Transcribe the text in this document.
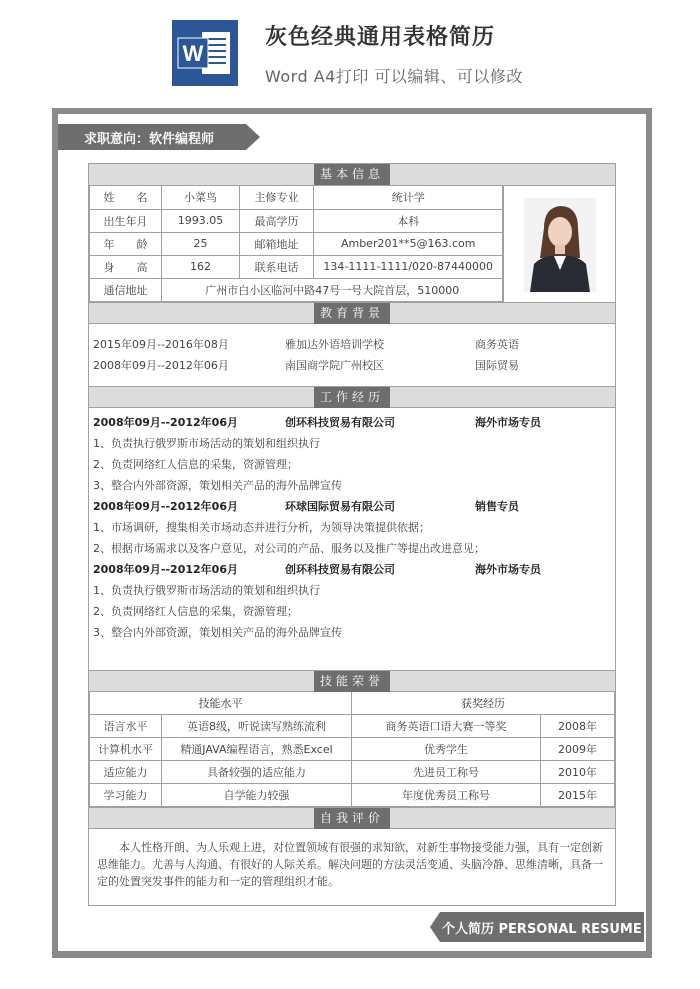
W
灰色经典通用表格简历
Word A4打印 可以编辑、可以修改
求职意向：软件编程师
基本信息
姓　　名	小菜鸟	主修专业	统计学
出生年月	1993.05	最高学历	本科
年　　龄	25	邮箱地址	Amber201**5@163.com
身　　高	162	联系电话	134-1111-1111/020-87440000
通信地址	广州市白小区临河中路47号一号大院首层，510000		
教育背景
2015年09月--2016年08月	雅加达外语培训学校	商务英语
2008年09月--2012年06月	南国商学院广州校区	国际贸易
工作经历
2008年09月--2012年06月	创环科技贸易有限公司	海外市场专员
1、负责执行俄罗斯市场活动的策划和组织执行
2、负责网络红人信息的采集，资源管理；
3、整合内外部资源，策划相关产品的海外品牌宣传
2008年09月--2012年06月	环球国际贸易有限公司	销售专员
1、市场调研，搜集相关市场动态并进行分析，为领导决策提供依据；
2、根据市场需求以及客户意见，对公司的产品、服务以及推广等提出改进意见；
2008年09月--2012年06月	创环科技贸易有限公司	海外市场专员
1、负责执行俄罗斯市场活动的策划和组织执行
2、负责网络红人信息的采集，资源管理；
3、整合内外部资源，策划相关产品的海外品牌宣传
技能荣誉
技能水平		获奖经历	
语言水平	英语8级，听说读写熟练流利	商务英语口语大赛一等奖	2008年
计算机水平	精通JAVA编程语言，熟悉Excel	优秀学生	2009年
适应能力	具备较强的适应能力	先进员工称号	2010年
学习能力	自学能力较强	年度优秀员工称号	2015年
自我评价
本人性格开朗、为人乐观上进，对位置领域有很强的求知欲，对新生事物接受能力强，具有一定创新思维能力。尤善与人沟通、有很好的人际关系。解决问题的方法灵活变通、头脑冷静、思维清晰，具备一定的处置突发事件的能力和一定的管理组织才能。
个人简历 PERSONAL RESUME
